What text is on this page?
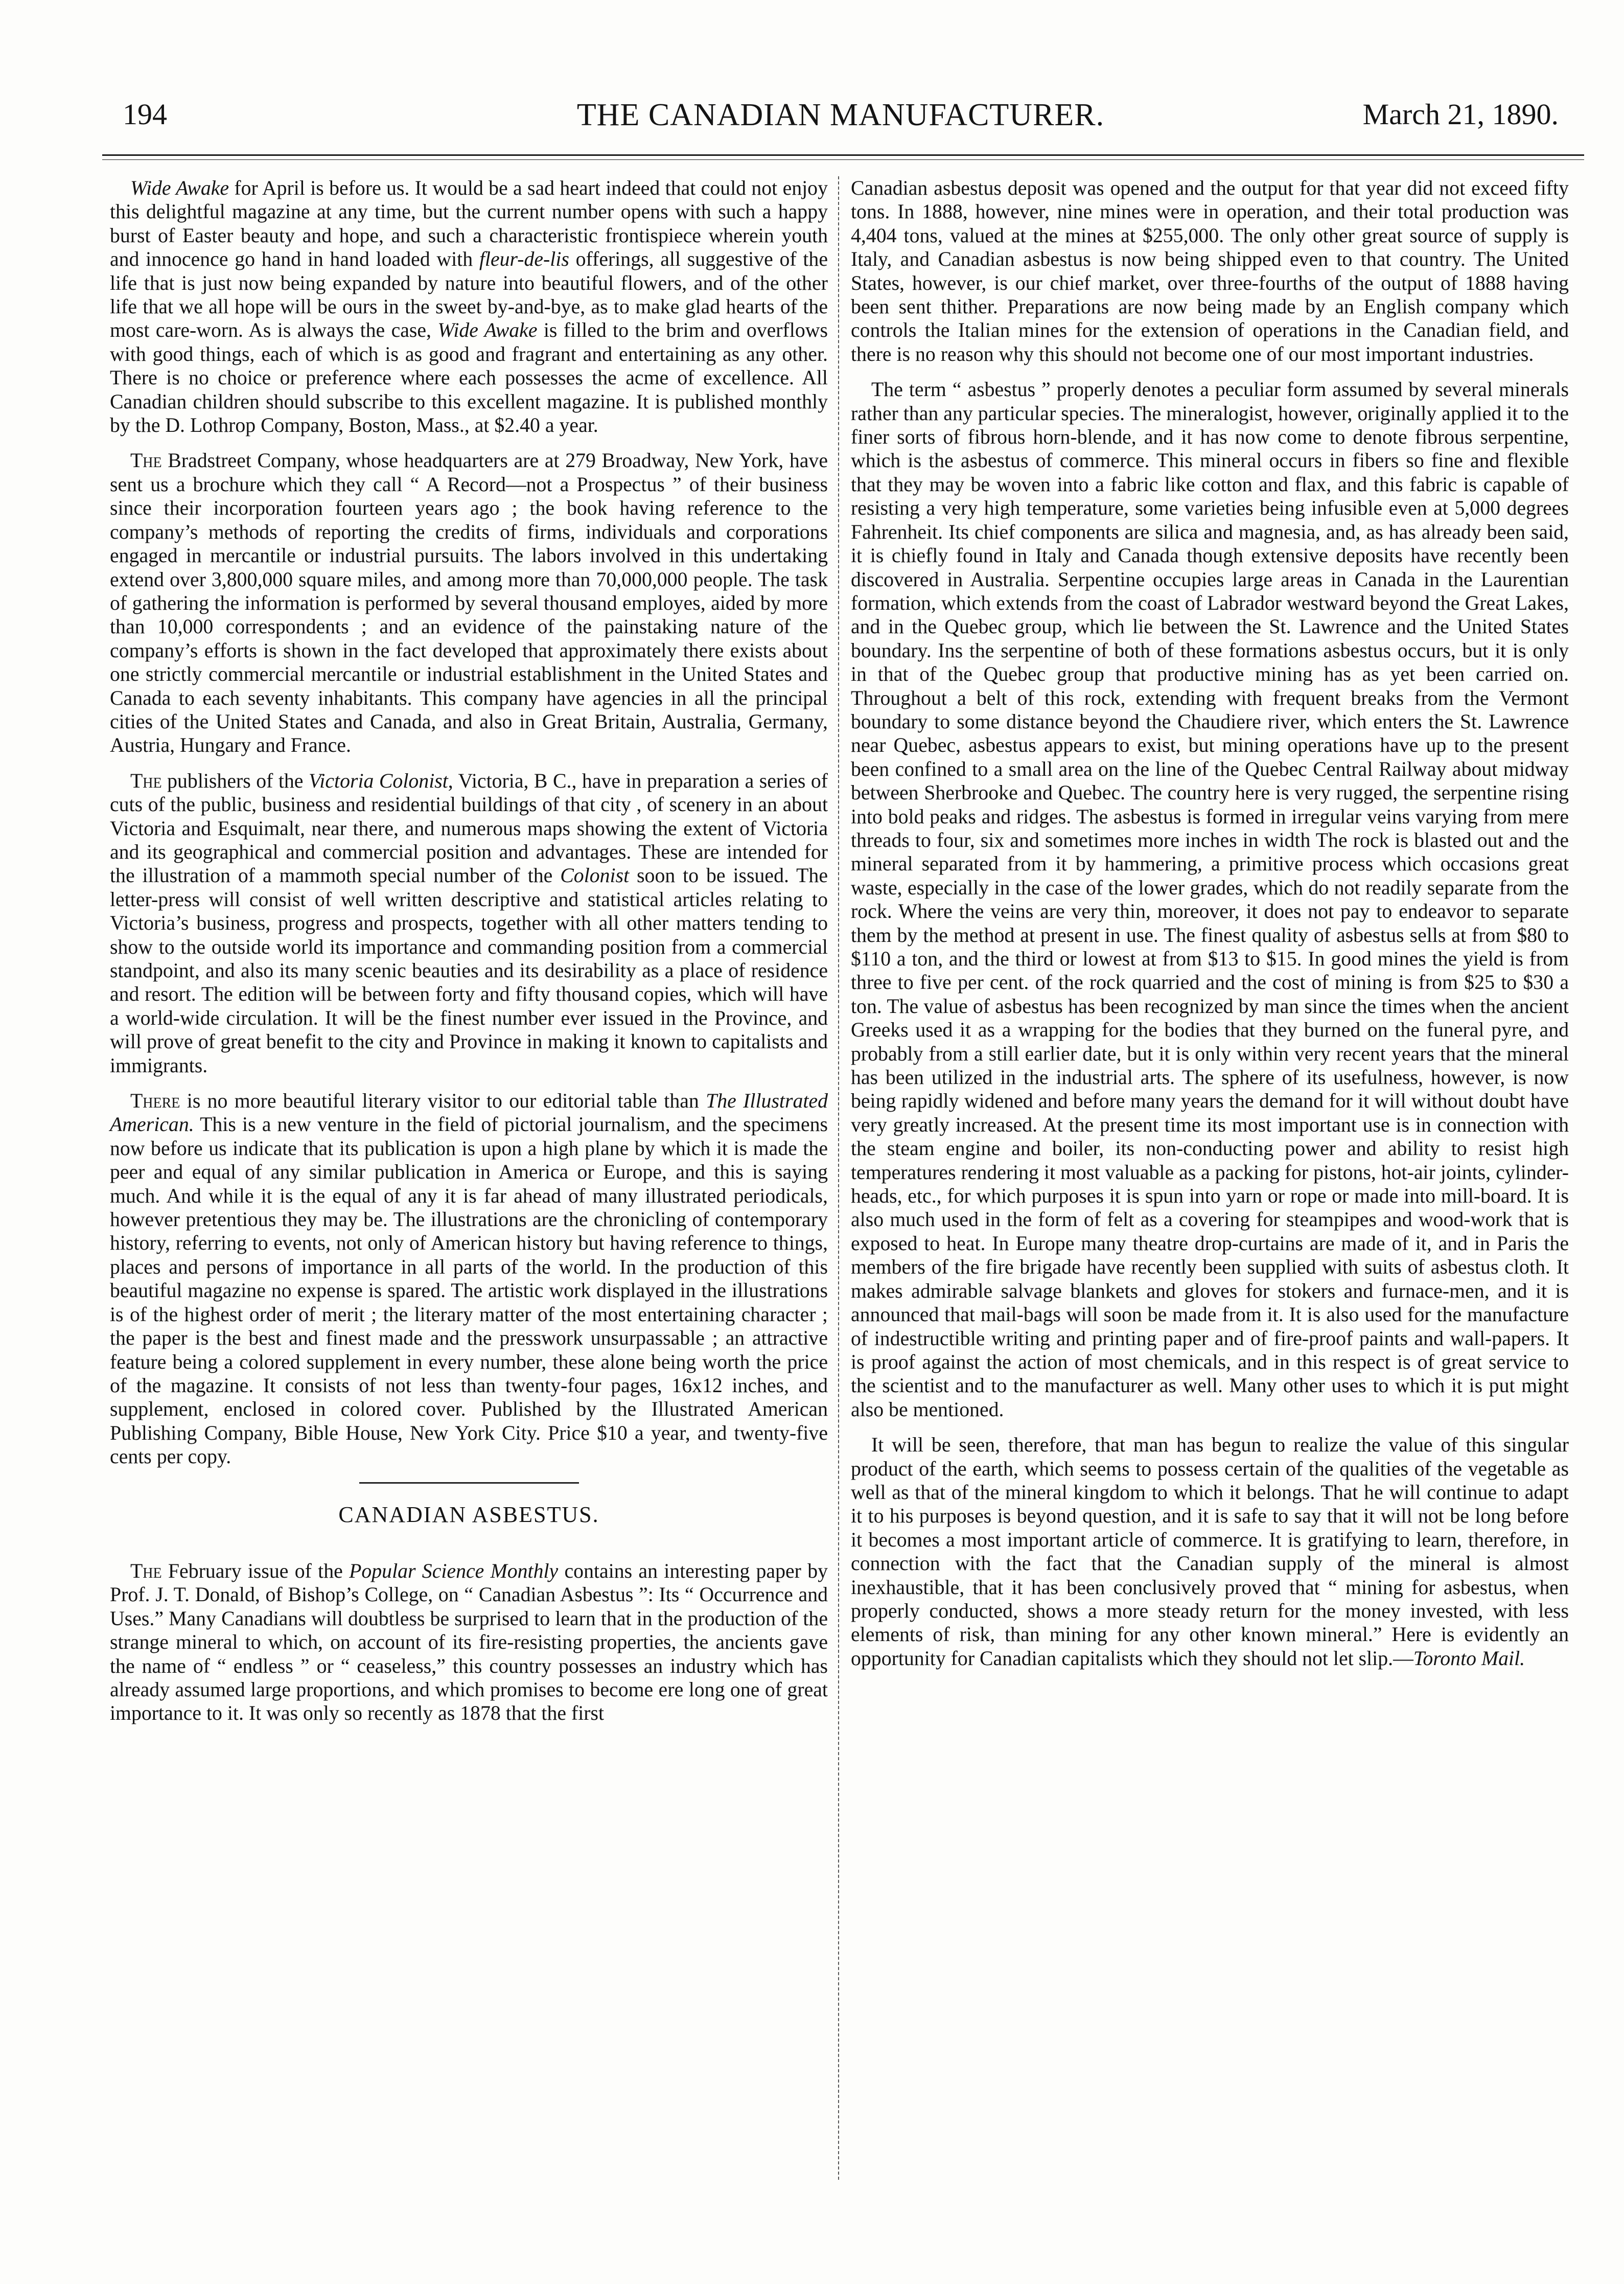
194	THE CANADIAN MANUFACTURER.	March 21, 1890.

Wide Awake for April is before us. It would be a sad heart indeed that could not enjoy this delightful magazine at any time, but the current number opens with such a happy burst of Easter beauty and hope, and such a characteristic frontispiece wherein youth and innocence go hand in hand loaded with fleur-de-lis offerings, all suggestive of the life that is just now being expanded by nature into beautiful flowers, and of the other life that we all hope will be ours in the sweet by-and-bye, as to make glad hearts of the most care-worn. As is always the case, Wide Awake is filled to the brim and overflows with good things, each of which is as good and fragrant and entertaining as any other. There is no choice or preference where each possesses the acme of excellence. All Canadian children should subscribe to this excellent magazine. It is published monthly by the D. Lothrop Company, Boston, Mass., at $2.40 a year.

The Bradstreet Company, whose headquarters are at 279 Broadway, New York, have sent us a brochure which they call “ A Record—not a Prospectus ” of their business since their incorporation fourteen years ago ; the book having reference to the company’s methods of reporting the credits of firms, individuals and corporations engaged in mercantile or industrial pursuits. The labors involved in this undertaking extend over 3,800,000 square miles, and among more than 70,000,000 people. The task of gathering the information is performed by several thousand employes, aided by more than 10,000 correspondents ; and an evidence of the painstaking nature of the company’s efforts is shown in the fact developed that approximately there exists about one strictly commercial mercantile or industrial establishment in the United States and Canada to each seventy inhabitants. This company have agencies in all the principal cities of the United States and Canada, and also in Great Britain, Australia, Germany, Austria, Hungary and France.

The publishers of the Victoria Colonist, Victoria, B C., have in preparation a series of cuts of the public, business and residential buildings of that city , of scenery in an about Victoria and Esquimalt, near there, and numerous maps showing the extent of Victoria and its geographical and commercial position and advantages. These are intended for the illustration of a mammoth special number of the Colonist soon to be issued. The letter-press will consist of well written descriptive and statistical articles relating to Victoria’s business, progress and prospects, together with all other matters tending to show to the outside world its importance and commanding position from a commercial standpoint, and also its many scenic beauties and its desirability as a place of residence and resort. The edition will be between forty and fifty thousand copies, which will have a world-wide circulation. It will be the finest number ever issued in the Province, and will prove of great benefit to the city and Province in making it known to capitalists and immigrants.

There is no more beautiful literary visitor to our editorial table than The Illustrated American. This is a new venture in the field of pictorial journalism, and the specimens now before us indicate that its publication is upon a high plane by which it is made the peer and equal of any similar publication in America or Europe, and this is saying much. And while it is the equal of any it is far ahead of many illustrated periodicals, however pretentious they may be. The illustrations are the chronicling of contemporary history, referring to events, not only of American history but having reference to things, places and persons of importance in all parts of the world. In the production of this beautiful magazine no expense is spared. The artistic work displayed in the illustrations is of the highest order of merit ; the literary matter of the most entertaining character ; the paper is the best and finest made and the presswork unsurpassable ; an attractive feature being a colored supplement in every number, these alone being worth the price of the magazine. It consists of not less than twenty-four pages, 16x12 inches, and supplement, enclosed in colored cover. Published by the Illustrated American Publishing Company, Bible House, New York City. Price $10 a year, and twenty-five cents per copy.

CANADIAN ASBESTUS.

The February issue of the Popular Science Monthly contains an interesting paper by Prof. J. T. Donald, of Bishop’s College, on “ Canadian Asbestus ”: Its “ Occurrence and Uses.” Many Canadians will doubtless be surprised to learn that in the production of the strange mineral to which, on account of its fire-resisting properties, the ancients gave the name of “ endless ” or “ ceaseless,” this country possesses an industry which has already assumed large proportions, and which promises to become ere long one of great importance to it. It was only so recently as 1878 that the first

Canadian asbestus deposit was opened and the output for that year did not exceed fifty tons. In 1888, however, nine mines were in operation, and their total production was 4,404 tons, valued at the mines at $255,000. The only other great source of supply is Italy, and Canadian asbestus is now being shipped even to that country. The United States, however, is our chief market, over three-fourths of the output of 1888 having been sent thither. Preparations are now being made by an English company which controls the Italian mines for the extension of operations in the Canadian field, and there is no reason why this should not become one of our most important industries.

The term “ asbestus ” properly denotes a peculiar form assumed by several minerals rather than any particular species. The mineralogist, however, originally applied it to the finer sorts of fibrous horn-blende, and it has now come to denote fibrous serpentine, which is the asbestus of commerce. This mineral occurs in fibers so fine and flexible that they may be woven into a fabric like cotton and flax, and this fabric is capable of resisting a very high temperature, some varieties being infusible even at 5,000 degrees Fahrenheit. Its chief components are silica and magnesia, and, as has already been said, it is chiefly found in Italy and Canada though extensive deposits have recently been discovered in Australia. Serpentine occupies large areas in Canada in the Laurentian formation, which extends from the coast of Labrador westward beyond the Great Lakes, and in the Quebec group, which lie between the St. Lawrence and the United States boundary. Ins the serpentine of both of these formations asbestus occurs, but it is only in that of the Quebec group that productive mining has as yet been carried on. Throughout a belt of this rock, extending with frequent breaks from the Vermont boundary to some distance beyond the Chaudiere river, which enters the St. Lawrence near Quebec, asbestus appears to exist, but mining operations have up to the present been confined to a small area on the line of the Quebec Central Railway about midway between Sherbrooke and Quebec. The country here is very rugged, the serpentine rising into bold peaks and ridges. The asbestus is formed in irregular veins varying from mere threads to four, six and sometimes more inches in width The rock is blasted out and the mineral separated from it by hammering, a primitive process which occasions great waste, especially in the case of the lower grades, which do not readily separate from the rock. Where the veins are very thin, moreover, it does not pay to endeavor to separate them by the method at present in use. The finest quality of asbestus sells at from $80 to $110 a ton, and the third or lowest at from $13 to $15. In good mines the yield is from three to five per cent. of the rock quarried and the cost of mining is from $25 to $30 a ton. The value of asbestus has been recognized by man since the times when the ancient Greeks used it as a wrapping for the bodies that they burned on the funeral pyre, and probably from a still earlier date, but it is only within very recent years that the mineral has been utilized in the industrial arts. The sphere of its usefulness, however, is now being rapidly widened and before many years the demand for it will without doubt have very greatly increased. At the present time its most important use is in connection with the steam engine and boiler, its non-conducting power and ability to resist high temperatures rendering it most valuable as a packing for pistons, hot-air joints, cylinder-heads, etc., for which purposes it is spun into yarn or rope or made into mill-board. It is also much used in the form of felt as a covering for steampipes and wood-work that is exposed to heat. In Europe many theatre drop-curtains are made of it, and in Paris the members of the fire brigade have recently been supplied with suits of asbestus cloth. It makes admirable salvage blankets and gloves for stokers and furnace-men, and it is announced that mail-bags will soon be made from it. It is also used for the manufacture of indestructible writing and printing paper and of fire-proof paints and wall-papers. It is proof against the action of most chemicals, and in this respect is of great service to the scientist and to the manufacturer as well. Many other uses to which it is put might also be mentioned.

It will be seen, therefore, that man has begun to realize the value of this singular product of the earth, which seems to possess certain of the qualities of the vegetable as well as that of the mineral kingdom to which it belongs. That he will continue to adapt it to his purposes is beyond question, and it is safe to say that it will not be long before it becomes a most important article of commerce. It is gratifying to learn, therefore, in connection with the fact that the Canadian supply of the mineral is almost inexhaustible, that it has been conclusively proved that “ mining for asbestus, when properly conducted, shows a more steady return for the money invested, with less elements of risk, than mining for any other known mineral.” Here is evidently an opportunity for Canadian capitalists which they should not let slip.—Toronto Mail.
